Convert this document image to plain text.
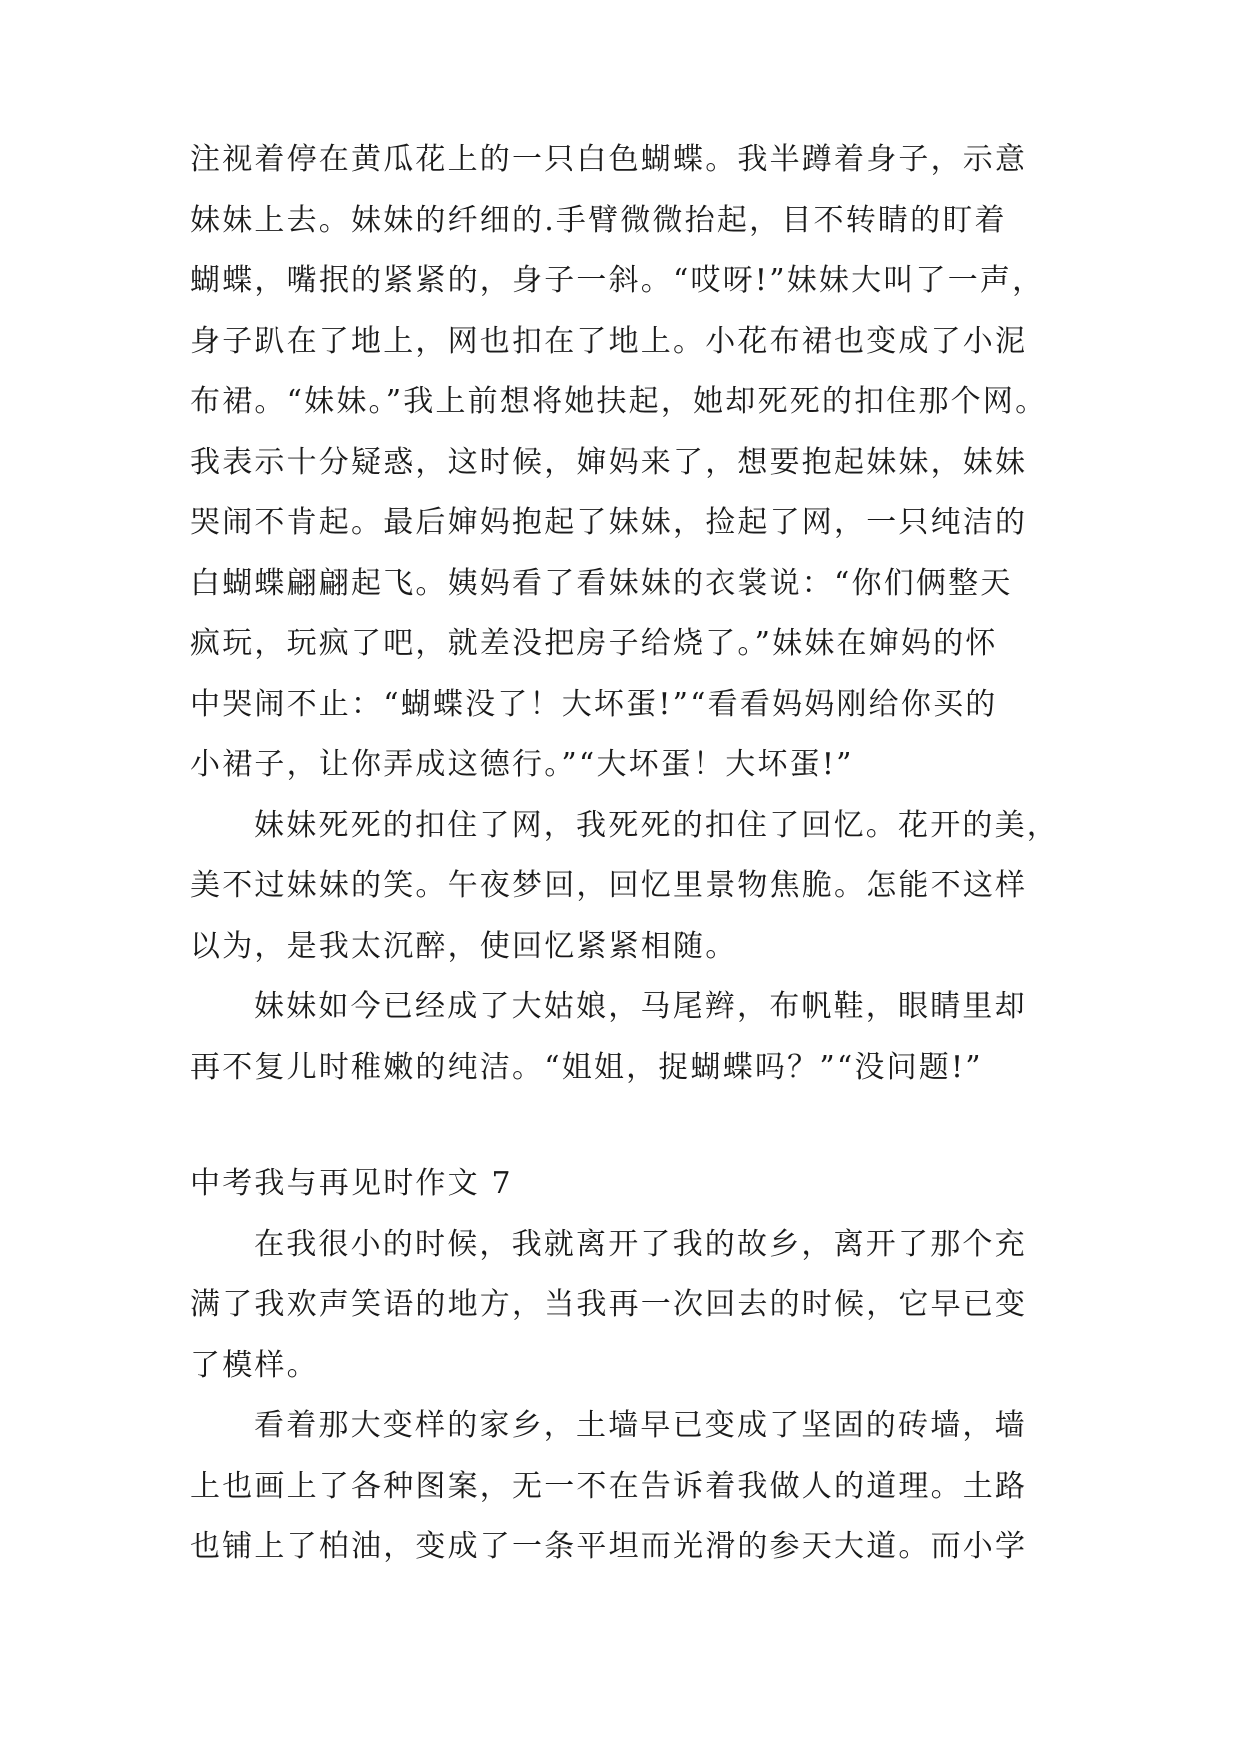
注视着停在黄瓜花上的一只白色蝴蝶。我半蹲着身子，示意
妹妹上去。妹妹的纤细的.手臂微微抬起，目不转睛的盯着
蝴蝶，嘴抿的紧紧的，身子一斜。“哎呀!”妹妹大叫了一声，
身子趴在了地上，网也扣在了地上。小花布裙也变成了小泥
布裙。“妹妹。”我上前想将她扶起，她却死死的扣住那个网。
我表示十分疑惑，这时候，婶妈来了，想要抱起妹妹，妹妹
哭闹不肯起。最后婶妈抱起了妹妹，捡起了网，一只纯洁的
白蝴蝶翩翩起飞。姨妈看了看妹妹的衣裳说：“你们俩整天
疯玩，玩疯了吧，就差没把房子给烧了。”妹妹在婶妈的怀
中哭闹不止：“蝴蝶没了！大坏蛋!”“看看妈妈刚给你买的
小裙子，让你弄成这德行。”“大坏蛋！大坏蛋!”
妹妹死死的扣住了网，我死死的扣住了回忆。花开的美，
美不过妹妹的笑。午夜梦回，回忆里景物焦脆。怎能不这样
以为，是我太沉醉，使回忆紧紧相随。
妹妹如今已经成了大姑娘，马尾辫，布帆鞋，眼睛里却
再不复儿时稚嫩的纯洁。“姐姐，捉蝴蝶吗？”“没问题!”
中考我与再见时作文 7
在我很小的时候，我就离开了我的故乡，离开了那个充
满了我欢声笑语的地方，当我再一次回去的时候，它早已变
了模样。
看着那大变样的家乡，土墙早已变成了坚固的砖墙，墙
上也画上了各种图案，无一不在告诉着我做人的道理。土路
也铺上了柏油，变成了一条平坦而光滑的参天大道。而小学
